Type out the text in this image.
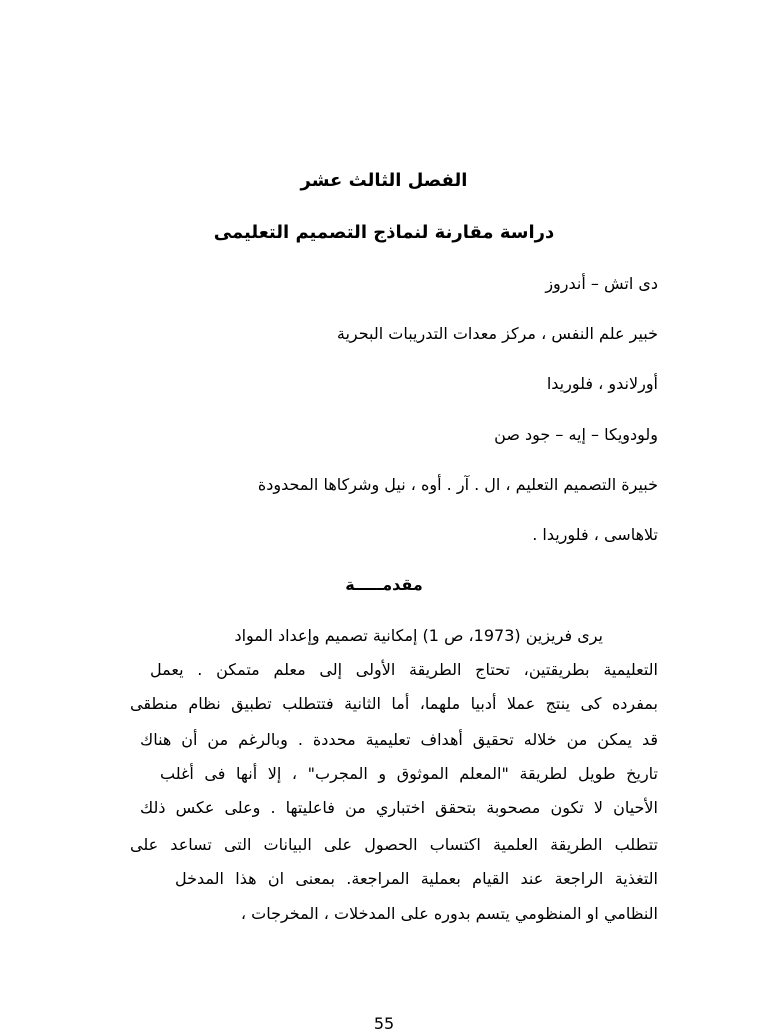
الفصل الثالث عشر
دراسة مقارنة لنماذج التصميم التعليمى
دى اتش – أندروز
خبير علم النفس ، مركز معدات التدريبات البحرية
أورلاندو ، فلوريدا
ولودويكا – إيه – جود صن
خبيرة التصميم التعليم ، ال . آر . أوه ، نيل وشركاها المحدودة
تلاهاسى ، فلوريدا .
مقدمـــــة
يرى فريزين (1973، ص 1) إمكانية تصميم وإعداد المواد
التعليمية بطريقتين، تحتاج الطريقة الأولى إلى معلم متمكن . يعمل
بمفرده كى ينتج عملا أدبيا ملهما، أما الثانية فتتطلب تطبيق نظام منطقى
قد يمكن من خلاله تحقيق أهداف تعليمية محددة . وبالرغم من أن هناك
تاريخ طويل لطريقة "المعلم الموثوق و المجرب" ، إلا أنها فى أغلب
الأحيان لا تكون مصحوبة بتحقق اختباري من فاعليتها . وعلى عكس ذلك
تتطلب الطريقة العلمية اكتساب الحصول على البيانات التى تساعد على
التغذية الراجعة عند القيام بعملية المراجعة. بمعنى ان هذا المدخل
النظامي او المنظومي يتسم بدوره على المدخلات ، المخرجات ،
55
